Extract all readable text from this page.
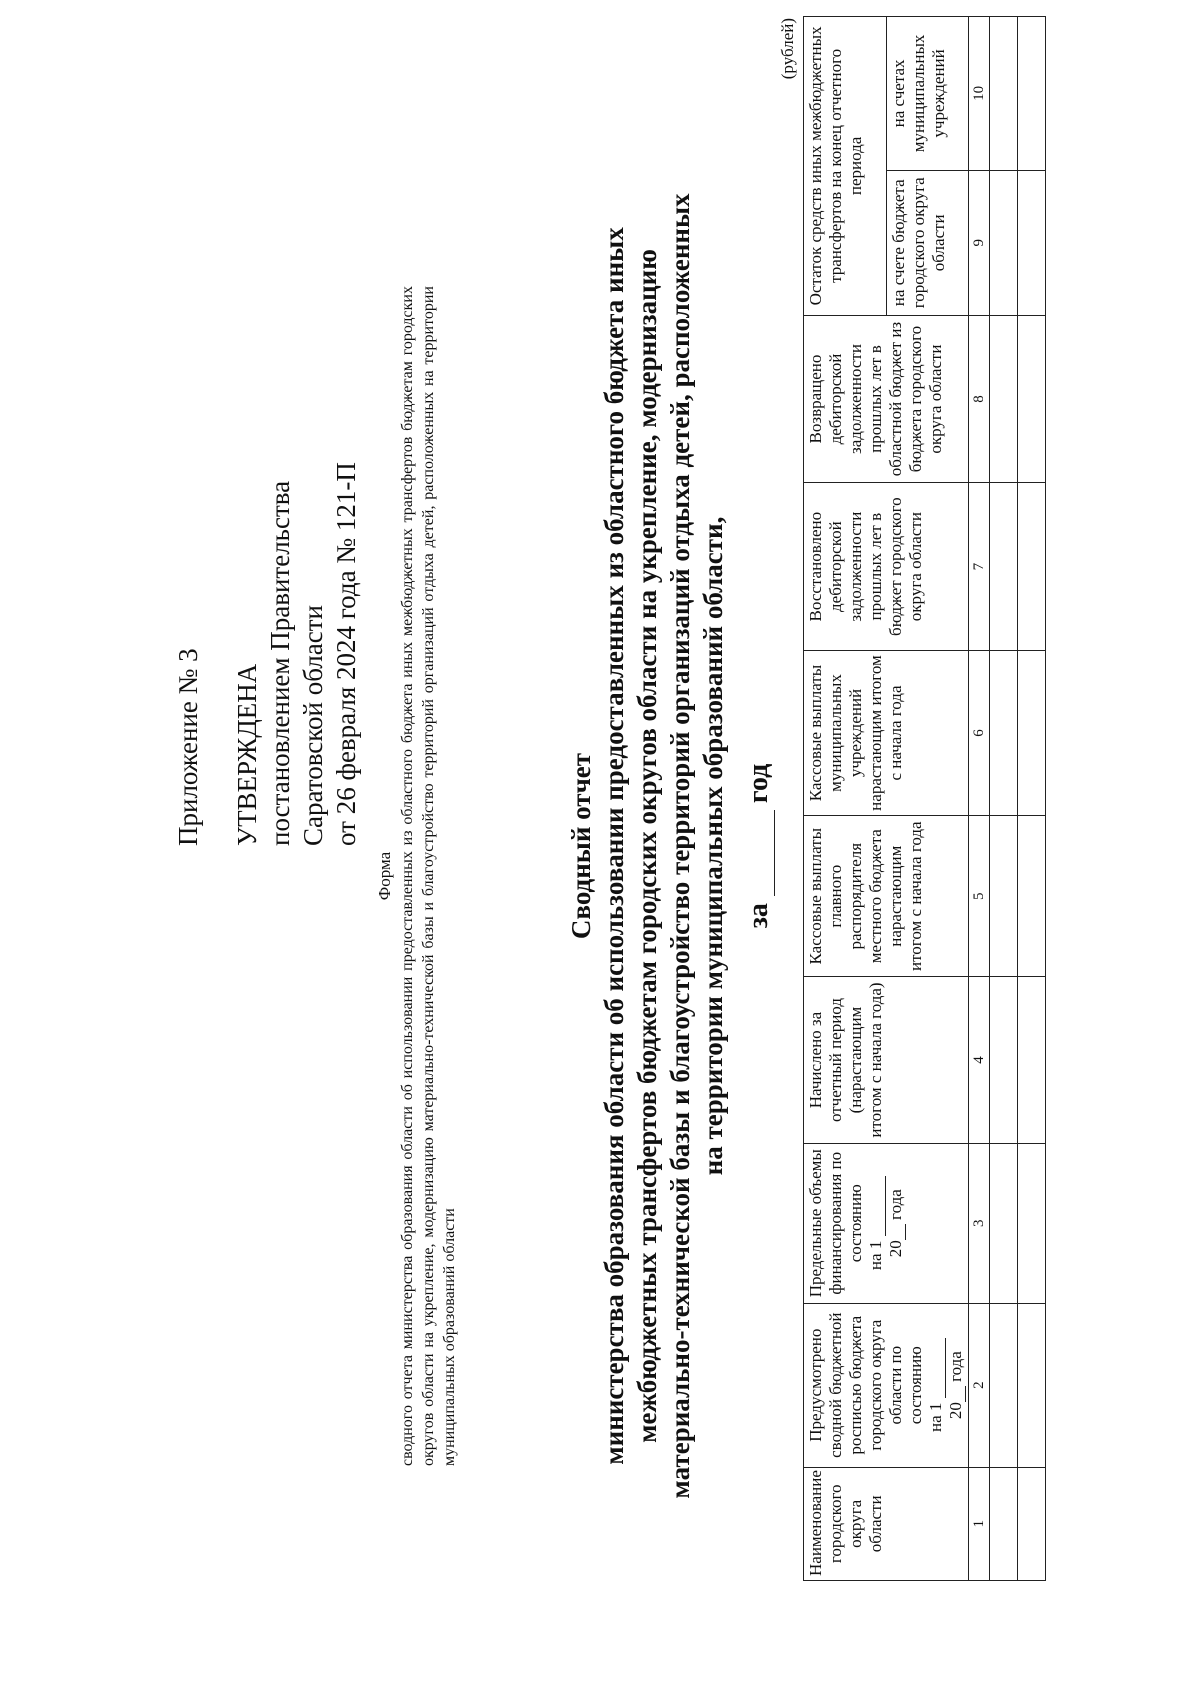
Приложение № 3 УТВЕРЖДЕНА постановлением Правительства Саратовской области от 26 февраля 2024 года № 121-П
Форма сводного отчета министерства образования области об использовании предоставленных из областного бюджета иных межбюджетных трансфертов бюджетам городских округов области на укрепление, модернизацию материально-технической базы и благоустройство территорий организаций отдыха детей, расположенных на территории муниципальных образований области
Сводный отчет министерства образования области об использовании предоставленных из областного бюджета иных межбюджетных трансфертов бюджетам городских округов области на укрепление, модернизацию материально-технической базы и благоустройство территорий организаций отдыха детей, расположенных на территории муниципальных образований области, за  год
(рублей)
Наименование городского округа области	Предусмотрено сводной бюджетной росписью бюджета городского округа области по состоянию
на 1
20 года	Предельные объемы финансирования по состоянию
на 1
20 года	Начислено за отчетный период (нарастающим итогом с начала года)	Кассовые выплаты главного распорядителя местного бюджета нарастающим итогом с начала года	Кассовые выплаты муниципальных учреждений нарастающим итогом с начала года	Восстановлено дебиторской задолженности прошлых лет в бюджет городского округа области	Возвращено дебиторской задолженности прошлых лет в областной бюджет из бюджета городского округа области	Остаток средств иных межбюджетных трансфертов на конец отчетного периода	
								на счете бюджета городского округа области	на счетах муниципальных учреждений
1	2	3	4	5	6	7	8	9	10
